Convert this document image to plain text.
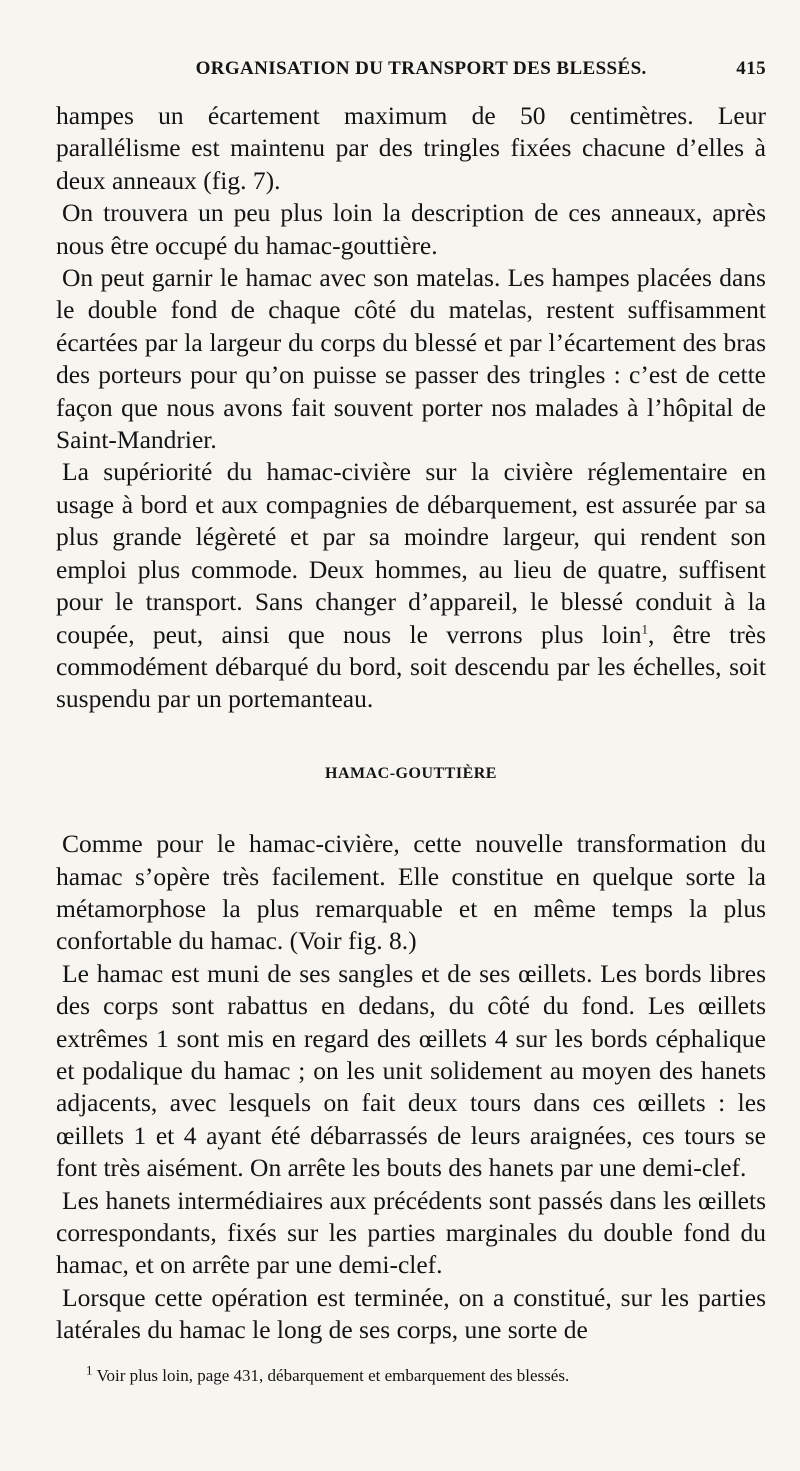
ORGANISATION DU TRANSPORT DES BLESSÉS.	415

hampes un écartement maximum de 50 centimètres. Leur parallélisme est maintenu par des tringles fixées chacune d’elles à deux anneaux (fig. 7).

On trouvera un peu plus loin la description de ces anneaux, après nous être occupé du hamac-gouttière.

On peut garnir le hamac avec son matelas. Les hampes placées dans le double fond de chaque côté du matelas, restent suffisamment écartées par la largeur du corps du blessé et par l’écartement des bras des porteurs pour qu’on puisse se passer des tringles : c’est de cette façon que nous avons fait souvent porter nos malades à l’hôpital de Saint-Mandrier.

La supériorité du hamac-civière sur la civière réglementaire en usage à bord et aux compagnies de débarquement, est assurée par sa plus grande légèreté et par sa moindre largeur, qui rendent son emploi plus commode. Deux hommes, au lieu de quatre, suffisent pour le transport. Sans changer d’appareil, le blessé conduit à la coupée, peut, ainsi que nous le verrons plus loin$^1$, être très commodément débarqué du bord, soit descendu par les échelles, soit suspendu par un portemanteau.

HAMAC-GOUTTIÈRE

Comme pour le hamac-civière, cette nouvelle transformation du hamac s’opère très facilement. Elle constitue en quelque sorte la métamorphose la plus remarquable et en même temps la plus confortable du hamac. (Voir fig. 8.)

Le hamac est muni de ses sangles et de ses œillets. Les bords libres des corps sont rabattus en dedans, du côté du fond. Les œillets extrêmes 1 sont mis en regard des œillets 4 sur les bords céphalique et podalique du hamac ; on les unit solidement au moyen des hanets adjacents, avec lesquels on fait deux tours dans ces œillets : les œillets 1 et 4 ayant été débarrassés de leurs araignées, ces tours se font très aisément. On arrête les bouts des hanets par une demi-clef.

Les hanets intermédiaires aux précédents sont passés dans les œillets correspondants, fixés sur les parties marginales du double fond du hamac, et on arrête par une demi-clef.

Lorsque cette opération est terminée, on a constitué, sur les parties latérales du hamac le long de ses corps, une sorte de

$^1$ Voir plus loin, page 431, débarquement et embarquement des blessés.
